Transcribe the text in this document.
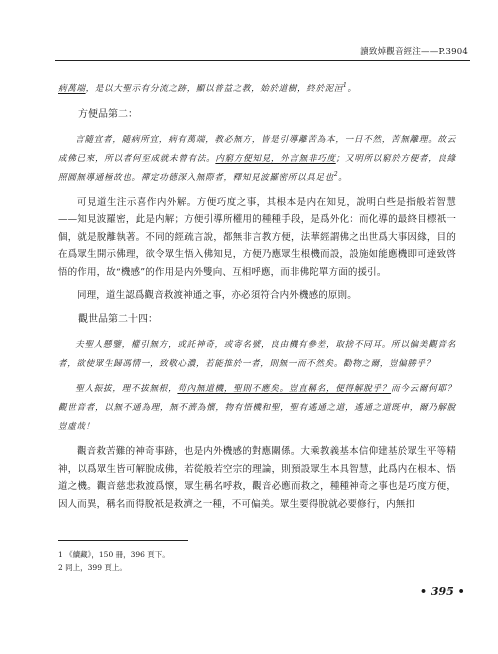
讀致焯觀音經注——P.3904

病萬端，是以大聖示有分流之跡，顯以普益之教，始於道樹，終於泥洹$^1$。

方便品第二：

言隨宜者，隨病所宜，病有萬端，教必無方，皆是引導離苦為本，一日不然，苦無離理。故云成佛已來，所以者何至成就未曾有法。内窮方便知見，外言無非巧度；又明所以窮於方便者，良緣照圓無導通極故也。禪定功德深入無際者，釋知見波羅密所以具足也$^2$。

可見道生注示喜作内外解。方便巧度之事，其根本是内在知見，說明白些是指般若智慧——知見波羅密，此是内解；方便引導所權用的種種手段，是爲外化：而化導的最終目標祇一個，就是脫離執著。不同的經疏言說，都無非言教方便，法華經謂佛之出世爲大事因緣，目的在爲眾生開示佛理，欲令眾生悟入佛知見，方便乃應眾生根機而設，設施如能應機即可達致啓悟的作用，故“機感”的作用是内外雙向、互相呼應，而非佛陀單方面的援引。

同理，道生認爲觀音救渡神通之事，亦必須符合内外機感的原則。

觀世品第二十四：

夫聖人懸鑒，權引無方，或託神奇，或寄名號，良由機有參差，取捨不同耳。所以偏美觀音名者，欲使眾生歸馮情一，致敬心濃，若能推於一者，則無一而不然矣。勸物之爾，豈偏勝乎？

聖人振拔，理不拔無根，苟內無道機，聖則不應矣。豈直稱名，便得解脫乎？而今云爾何耶？觀世音者，以無不通為理，無不濟為懷，物有悟機和聖，聖有遙通之道，遙通之道既申，爾乃解脫豈虛哉！

觀音救苦難的神奇事跡，也是内外機感的對應關係。大乘教義基本信仰建基於眾生平等精神，以爲眾生皆可解脫成佛，若從般若空宗的理論，則預設眾生本具智慧，此爲内在根本、悟道之機。觀音慈悲救渡爲懷，眾生稱名呼救，觀音必應而救之，種種神奇之事也是巧度方便，因人而異，稱名而得脫祇是救濟之一種，不可偏美。眾生要得脫就必要修行，内無扣

1 《續藏》，150 冊，396 頁下。
2 同上，399 頁上。
• 395 •
